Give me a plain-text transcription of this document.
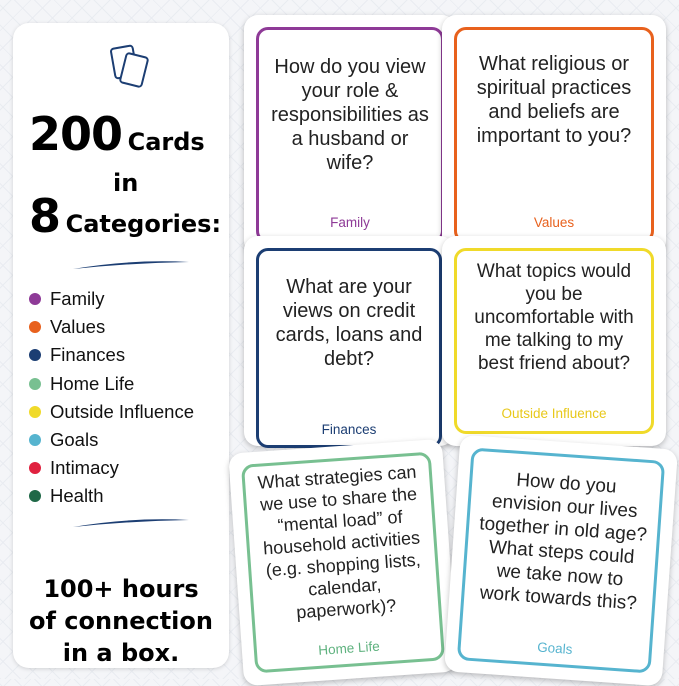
200 Cards
in
8 Categories:
Family
Values
Finances
Home Life
Outside Influence
Goals
Intimacy
Health
100+ hours
of connection
in a box.
How do you view your role & responsibilities as a husband or wife?
Family
What religious or spiritual practices and beliefs are important to you?
Values
What are your views on credit cards, loans and debt?
Finances
What topics would you be uncomfortable with me talking to my best friend about?
Outside Influence
What strategies can we use to share the “mental load” of household activities (e.g. shopping lists, calendar, paperwork)?
Home Life
How do you envision our lives together in old age? What steps could we take now to work towards this?
Goals
